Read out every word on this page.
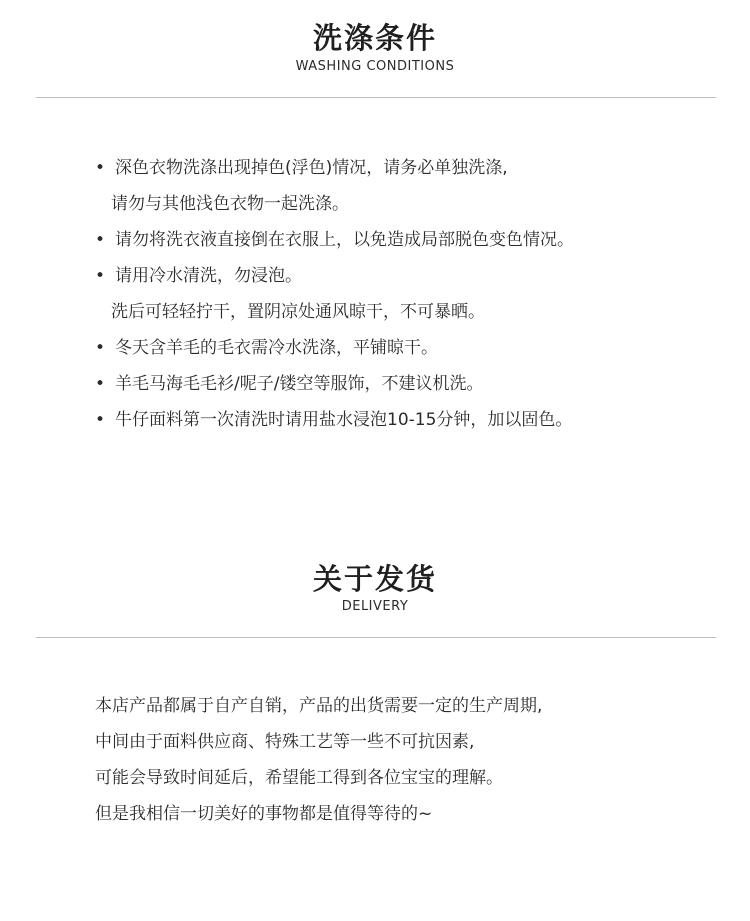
洗涤条件
WASHING CONDITIONS
• 深色衣物洗涤出现掉色(浮色)情况，请务必单独洗涤,
请勿与其他浅色衣物一起洗涤。
• 请勿将洗衣液直接倒在衣服上，以免造成局部脱色变色情况。
• 请用冷水清洗，勿浸泡。
洗后可轻轻拧干，置阴凉处通风晾干，不可暴晒。
• 冬天含羊毛的毛衣需冷水洗涤，平铺晾干。
• 羊毛马海毛毛衫/呢子/镂空等服饰，不建议机洗。
• 牛仔面料第一次清洗时请用盐水浸泡10-15分钟，加以固色。
关于发货
DELIVERY
本店产品都属于自产自销，产品的出货需要一定的生产周期,
中间由于面料供应商、特殊工艺等一些不可抗因素,
可能会导致时间延后，希望能工得到各位宝宝的理解。
但是我相信一切美好的事物都是值得等待的~
